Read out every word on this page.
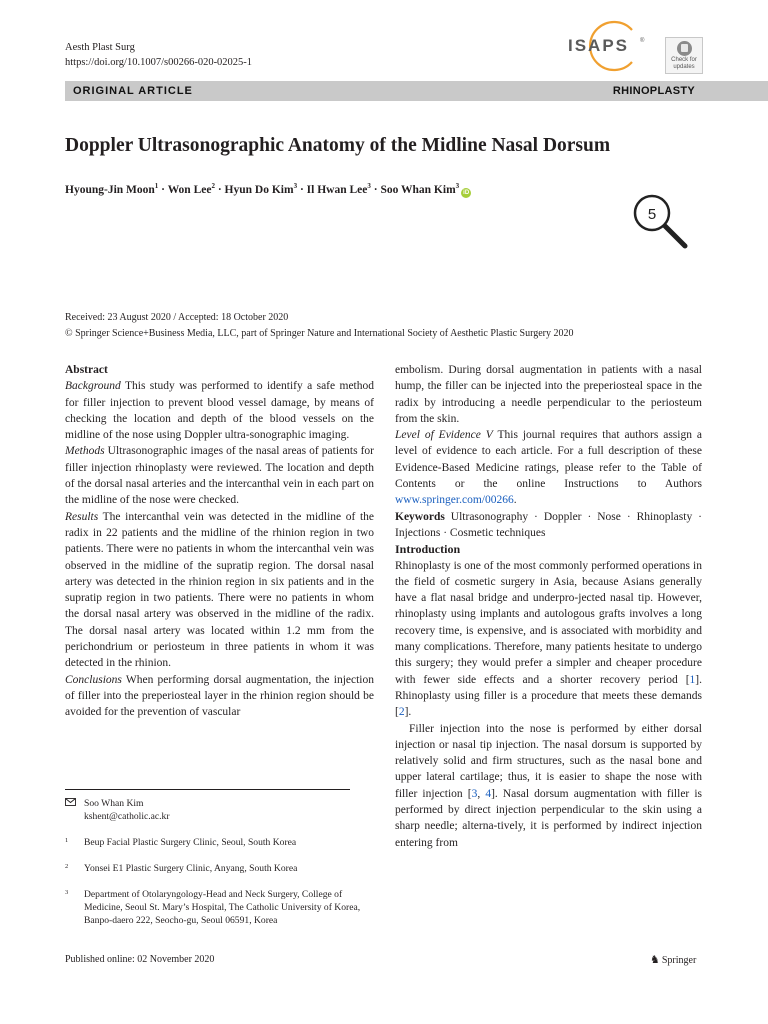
Aesth Plast Surg
https://doi.org/10.1007/s00266-020-02025-1
ISAPS ®
Check for updates
ORIGINAL ARTICLE	RHINOPLASTY
Doppler Ultrasonographic Anatomy of the Midline Nasal Dorsum
Hyoung-Jin Moon$^1$ · Won Lee$^2$ · Hyun Do Kim$^3$ · Il Hwan Lee$^3$ · Soo Whan Kim$^3$iD
5
Received: 23 August 2020 / Accepted: 18 October 2020
© Springer Science+Business Media, LLC, part of Springer Nature and International Society of Aesthetic Plastic Surgery 2020

Abstract

Background This study was performed to identify a safe method for filler injection to prevent blood vessel damage, by means of checking the location and depth of the blood vessels on the midline of the nose using Doppler ultra-sonographic imaging.

Methods Ultrasonographic images of the nasal areas of patients for filler injection rhinoplasty were reviewed. The location and depth of the dorsal nasal arteries and the intercanthal vein in each part on the midline of the nose were checked.

Results The intercanthal vein was detected in the midline of the radix in 22 patients and the midline of the rhinion region in two patients. There were no patients in whom the intercanthal vein was observed in the midline of the supratip region. The dorsal nasal artery was detected in the rhinion region in six patients and in the supratip region in two patients. There were no patients in whom the dorsal nasal artery was observed in the midline of the radix. The dorsal nasal artery was located within 1.2 mm from the perichondrium or periosteum in three patients in whom it was detected in the rhinion.

Conclusions When performing dorsal augmentation, the injection of filler into the preperiosteal layer in the rhinion region should be avoided for the prevention of vascular

Soo Whan Kim
kshent@catholic.ac.kr
1 Beup Facial Plastic Surgery Clinic, Seoul, South Korea
2 Yonsei E1 Plastic Surgery Clinic, Anyang, South Korea
3 Department of Otolaryngology-Head and Neck Surgery, College of Medicine, Seoul St. Mary’s Hospital, The Catholic University of Korea, Banpo-daero 222, Seocho-gu, Seoul 06591, Korea

embolism. During dorsal augmentation in patients with a nasal hump, the filler can be injected into the preperiosteal space in the radix by introducing a needle perpendicular to the periosteum from the skin.

Level of Evidence V This journal requires that authors assign a level of evidence to each article. For a full description of these Evidence-Based Medicine ratings, please refer to the Table of Contents or the online Instructions to Authors www.springer.com/00266.

Keywords Ultrasonography · Doppler · Nose · Rhinoplasty · Injections · Cosmetic techniques

Introduction

Rhinoplasty is one of the most commonly performed operations in the field of cosmetic surgery in Asia, because Asians generally have a flat nasal bridge and underpro-jected nasal tip. However, rhinoplasty using implants and autologous grafts involves a long recovery time, is expensive, and is associated with morbidity and many complications. Therefore, many patients hesitate to undergo this surgery; they would prefer a simpler and cheaper procedure with fewer side effects and a shorter recovery period [1]. Rhinoplasty using filler is a procedure that meets these demands [2].

Filler injection into the nose is performed by either dorsal injection or nasal tip injection. The nasal dorsum is supported by relatively solid and firm structures, such as the nasal bone and upper lateral cartilage; thus, it is easier to shape the nose with filler injection [3, 4]. Nasal dorsum augmentation with filler is performed by direct injection perpendicular to the skin using a sharp needle; alterna-tively, it is performed by indirect injection entering from

Published online: 02 November 2020	♞ Springer
